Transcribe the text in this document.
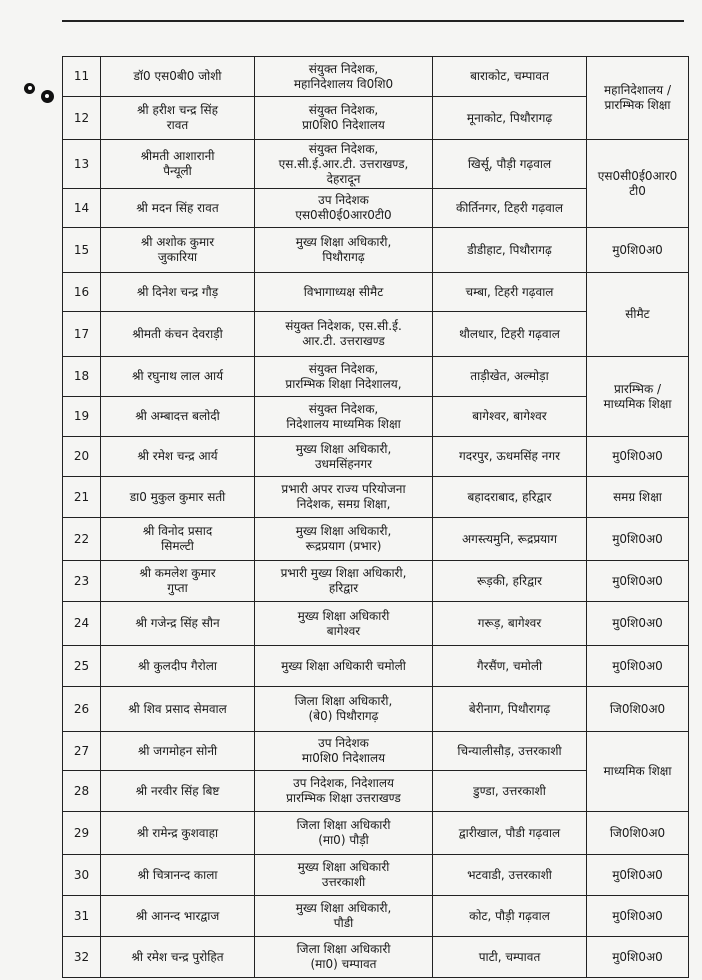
11	डॉ0 एस0बी0 जोशी	संयुक्त निदेशक,
महानिदेशालय वि0शि0	बाराकोट, चम्पावत	महानिदेशालय /
प्रारम्भिक शिक्षा
12	श्री हरीश चन्द्र सिंह
रावत	संयुक्त निदेशक,
प्रा0शि0 निदेशालय	मूनाकोट, पिथौरागढ़	
13	श्रीमती आशारानी
पैन्यूली	संयुक्त निदेशक,
एस.सी.ई.आर.टी. उत्तराखण्ड,
देहरादून	खिर्सू, पौड़ी गढ़वाल	एस0सी0ई0आर0
टी0
14	श्री मदन सिंह रावत	उप निदेशक
एस0सी0ई0आर0टी0	कीर्तिनगर, टिहरी गढ़वाल	
15	श्री अशोक कुमार
जुकारिया	मुख्य शिक्षा अधिकारी,
पिथौरागढ़	डीडीहाट, पिथौरागढ़	मु0शि0अ0
16	श्री दिनेश चन्द्र गौड़	विभागाध्यक्ष सीमैट	चम्बा, टिहरी गढ़वाल	सीमैट
17	श्रीमती कंचन देवराड़ी	संयुक्त निदेशक, एस.सी.ई.
आर.टी. उत्तराखण्ड	थौलधार, टिहरी गढ़वाल	
18	श्री रघुनाथ लाल आर्य	संयुक्त निदेशक,
प्रारम्भिक शिक्षा निदेशालय,	ताड़ीखेत, अल्मोड़ा	प्रारम्भिक /
माध्यमिक शिक्षा
19	श्री अम्बादत्त बलोदी	संयुक्त निदेशक,
निदेशालय माध्यमिक शिक्षा	बागेश्वर, बागेश्वर	
20	श्री रमेश चन्द्र आर्य	मुख्य शिक्षा अधिकारी,
उधमसिंहनगर	गदरपुर, ऊधमसिंह नगर	मु0शि0अ0
21	डा0 मुकुल कुमार सती	प्रभारी अपर राज्य परियोजना
निदेशक, समग्र शिक्षा,	बहादराबाद, हरिद्वार	समग्र शिक्षा
22	श्री विनोद प्रसाद
सिमल्टी	मुख्य शिक्षा अधिकारी,
रूद्रप्रयाग (प्रभार)	अगस्त्यमुनि, रूद्रप्रयाग	मु0शि0अ0
23	श्री कमलेश कुमार
गुप्ता	प्रभारी मुख्य शिक्षा अधिकारी,
हरिद्वार	रूड़की, हरिद्वार	मु0शि0अ0
24	श्री गजेन्द्र सिंह सौन	मुख्य शिक्षा अधिकारी
बागेश्वर	गरूड़, बागेश्वर	मु0शि0अ0
25	श्री कुलदीप गैरोला	मुख्य शिक्षा अधिकारी चमोली	गैरसैंण, चमोली	मु0शि0अ0
26	श्री शिव प्रसाद सेमवाल	जिला शिक्षा अधिकारी,
(बे0) पिथौरागढ़	बेरीनाग, पिथौरागढ़	जि0शि0अ0
27	श्री जगमोहन सोनी	उप निदेशक
मा0शि0 निदेशालय	चिन्यालीसौड़, उत्तरकाशी	माध्यमिक शिक्षा
28	श्री नरवीर सिंह बिष्ट	उप निदेशक, निदेशालय
प्रारम्भिक शिक्षा उत्तराखण्ड	डुण्डा, उत्तरकाशी	
29	श्री रामेन्द्र कुशवाहा	जिला शिक्षा अधिकारी
(मा0) पौड़ी	द्वारीखाल, पौडी गढ़वाल	जि0शि0अ0
30	श्री चित्रानन्द काला	मुख्य शिक्षा अधिकारी
उत्तरकाशी	भटवाडी, उत्तरकाशी	मु0शि0अ0
31	श्री आनन्द भारद्वाज	मुख्य शिक्षा अधिकारी,
पौडी	कोट, पौड़ी गढ़वाल	मु0शि0अ0
32	श्री रमेश चन्द्र पुरोहित	जिला शिक्षा अधिकारी
(मा0) चम्पावत	पाटी, चम्पावत	मु0शि0अ0
